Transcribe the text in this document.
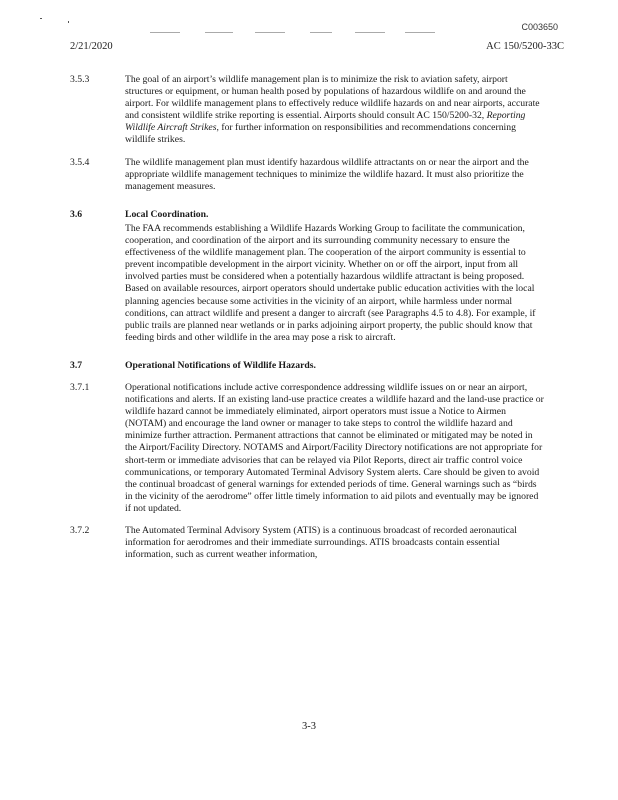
C003650
2/21/2020	AC 150/5200-33C
3.5.3	The goal of an airport’s wildlife management plan is to minimize the risk to aviation safety, airport structures or equipment, or human health posed by populations of hazardous wildlife on and around the airport. For wildlife management plans to effectively reduce wildlife hazards on and near airports, accurate and consistent wildlife strike reporting is essential. Airports should consult AC 150/5200-32, Reporting Wildlife Aircraft Strikes, for further information on responsibilities and recommendations concerning wildlife strikes.
3.5.4	The wildlife management plan must identify hazardous wildlife attractants on or near the airport and the appropriate wildlife management techniques to minimize the wildlife hazard. It must also prioritize the management measures.
3.6	Local Coordination.
The FAA recommends establishing a Wildlife Hazards Working Group to facilitate the communication, cooperation, and coordination of the airport and its surrounding community necessary to ensure the effectiveness of the wildlife management plan. The cooperation of the airport community is essential to prevent incompatible development in the airport vicinity. Whether on or off the airport, input from all involved parties must be considered when a potentially hazardous wildlife attractant is being proposed. Based on available resources, airport operators should undertake public education activities with the local planning agencies because some activities in the vicinity of an airport, while harmless under normal conditions, can attract wildlife and present a danger to aircraft (see Paragraphs 4.5 to 4.8). For example, if public trails are planned near wetlands or in parks adjoining airport property, the public should know that feeding birds and other wildlife in the area may pose a risk to aircraft.
3.7	Operational Notifications of Wildlife Hazards.
3.7.1	Operational notifications include active correspondence addressing wildlife issues on or near an airport, notifications and alerts. If an existing land-use practice creates a wildlife hazard and the land-use practice or wildlife hazard cannot be immediately eliminated, airport operators must issue a Notice to Airmen (NOTAM) and encourage the land owner or manager to take steps to control the wildlife hazard and minimize further attraction. Permanent attractions that cannot be eliminated or mitigated may be noted in the Airport/Facility Directory. NOTAMS and Airport/Facility Directory notifications are not appropriate for short-term or immediate advisories that can be relayed via Pilot Reports, direct air traffic control voice communications, or temporary Automated Terminal Advisory System alerts. Care should be given to avoid the continual broadcast of general warnings for extended periods of time. General warnings such as “birds in the vicinity of the aerodrome” offer little timely information to aid pilots and eventually may be ignored if not updated.
3.7.2	The Automated Terminal Advisory System (ATIS) is a continuous broadcast of recorded aeronautical information for aerodromes and their immediate surroundings. ATIS broadcasts contain essential information, such as current weather information,
3-3
